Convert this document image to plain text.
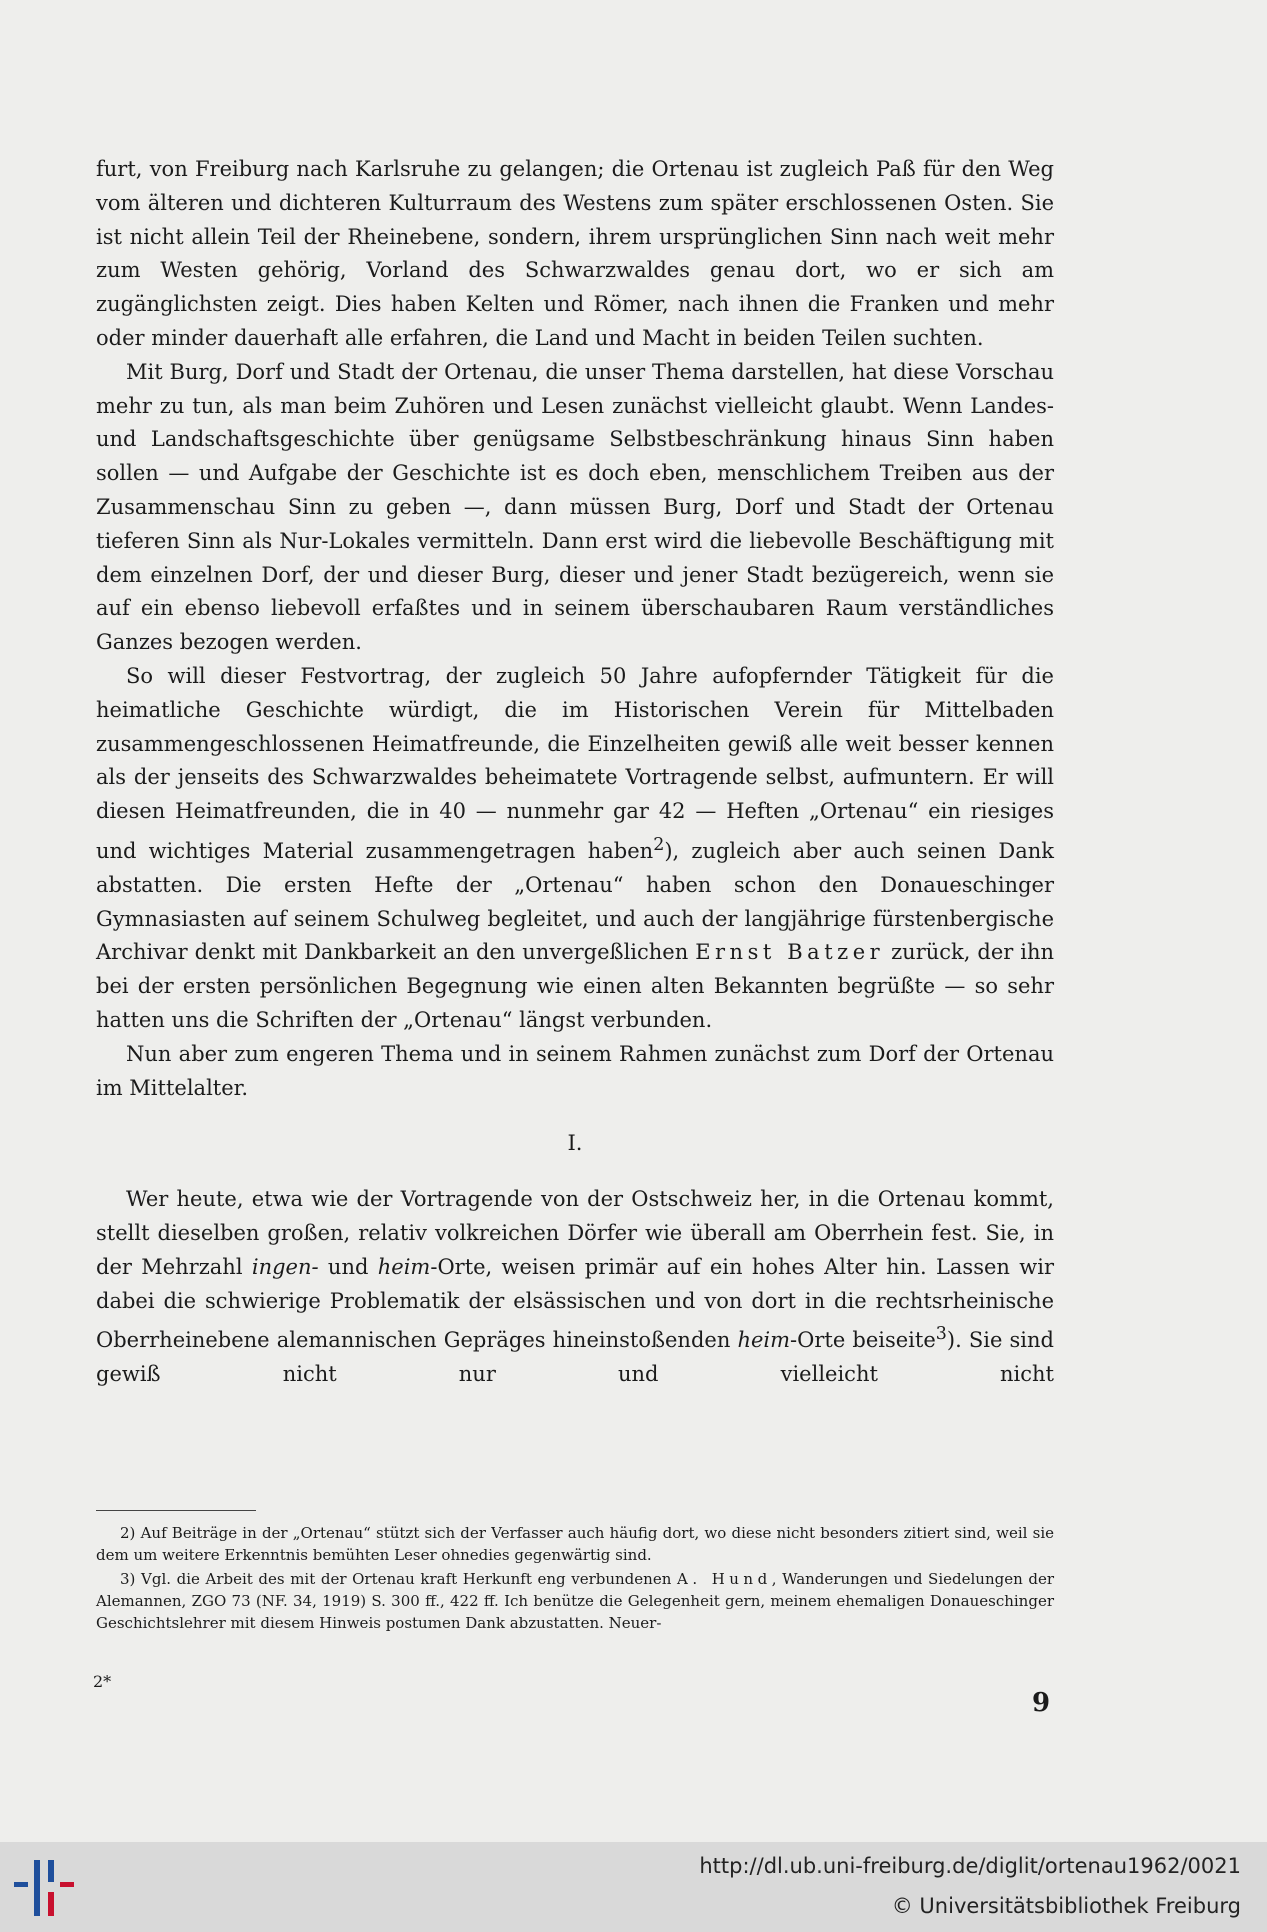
furt, von Freiburg nach Karlsruhe zu gelangen; die Ortenau ist zugleich Paß für den Weg vom älteren und dichteren Kulturraum des Westens zum später erschlossenen Osten. Sie ist nicht allein Teil der Rheinebene, sondern, ihrem ursprünglichen Sinn nach weit mehr zum Westen gehörig, Vorland des Schwarzwaldes genau dort, wo er sich am zugänglichsten zeigt. Dies haben Kelten und Römer, nach ihnen die Franken und mehr oder minder dauerhaft alle erfahren, die Land und Macht in beiden Teilen suchten.

Mit Burg, Dorf und Stadt der Ortenau, die unser Thema darstellen, hat diese Vorschau mehr zu tun, als man beim Zuhören und Lesen zunächst vielleicht glaubt. Wenn Landes- und Landschaftsgeschichte über genügsame Selbstbeschränkung hinaus Sinn haben sollen — und Aufgabe der Geschichte ist es doch eben, menschlichem Treiben aus der Zusammenschau Sinn zu geben —, dann müssen Burg, Dorf und Stadt der Ortenau tieferen Sinn als Nur-Lokales vermitteln. Dann erst wird die liebevolle Beschäftigung mit dem einzelnen Dorf, der und dieser Burg, dieser und jener Stadt bezügereich, wenn sie auf ein ebenso liebevoll erfaßtes und in seinem überschaubaren Raum verständliches Ganzes bezogen werden.

So will dieser Festvortrag, der zugleich 50 Jahre aufopfernder Tätigkeit für die heimatliche Geschichte würdigt, die im Historischen Verein für Mittelbaden zusammengeschlossenen Heimatfreunde, die Einzelheiten gewiß alle weit besser kennen als der jenseits des Schwarzwaldes beheimatete Vortragende selbst, aufmuntern. Er will diesen Heimatfreunden, die in 40 — nunmehr gar 42 — Heften „Ortenau“ ein riesiges und wichtiges Material zusammengetragen haben$^2$), zugleich aber auch seinen Dank abstatten. Die ersten Hefte der „Ortenau“ haben schon den Donaueschinger Gymnasiasten auf seinem Schulweg begleitet, und auch der langjährige fürstenbergische Archivar denkt mit Dankbarkeit an den unvergeßlichen Ernst Batzer zurück, der ihn bei der ersten persönlichen Begegnung wie einen alten Bekannten begrüßte — so sehr hatten uns die Schriften der „Ortenau“ längst verbunden.

Nun aber zum engeren Thema und in seinem Rahmen zunächst zum Dorf der Ortenau im Mittelalter.

I.

Wer heute, etwa wie der Vortragende von der Ostschweiz her, in die Ortenau kommt, stellt dieselben großen, relativ volkreichen Dörfer wie überall am Oberrhein fest. Sie, in der Mehrzahl ingen- und heim-Orte, weisen primär auf ein hohes Alter hin. Lassen wir dabei die schwierige Problematik der elsässischen und von dort in die rechtsrheinische Oberrheinebene alemannischen Gepräges hineinstoßenden heim-Orte beiseite$^3$). Sie sind gewiß nicht nur und vielleicht nicht

2) Auf Beiträge in der „Ortenau“ stützt sich der Verfasser auch häufig dort, wo diese nicht besonders zitiert sind, weil sie dem um weitere Erkenntnis bemühten Leser ohnedies gegenwärtig sind.

3) Vgl. die Arbeit des mit der Ortenau kraft Herkunft eng verbundenen A. Hund, Wanderungen und Siedelungen der Alemannen, ZGO 73 (NF. 34, 1919) S. 300 ff., 422 ff. Ich benütze die Gelegenheit gern, meinem ehemaligen Donaueschinger Geschichtslehrer mit diesem Hinweis postumen Dank abzustatten. Neuer-

2*
9
http://dl.ub.uni-freiburg.de/diglit/ortenau1962/0021
© Universitätsbibliothek Freiburg
